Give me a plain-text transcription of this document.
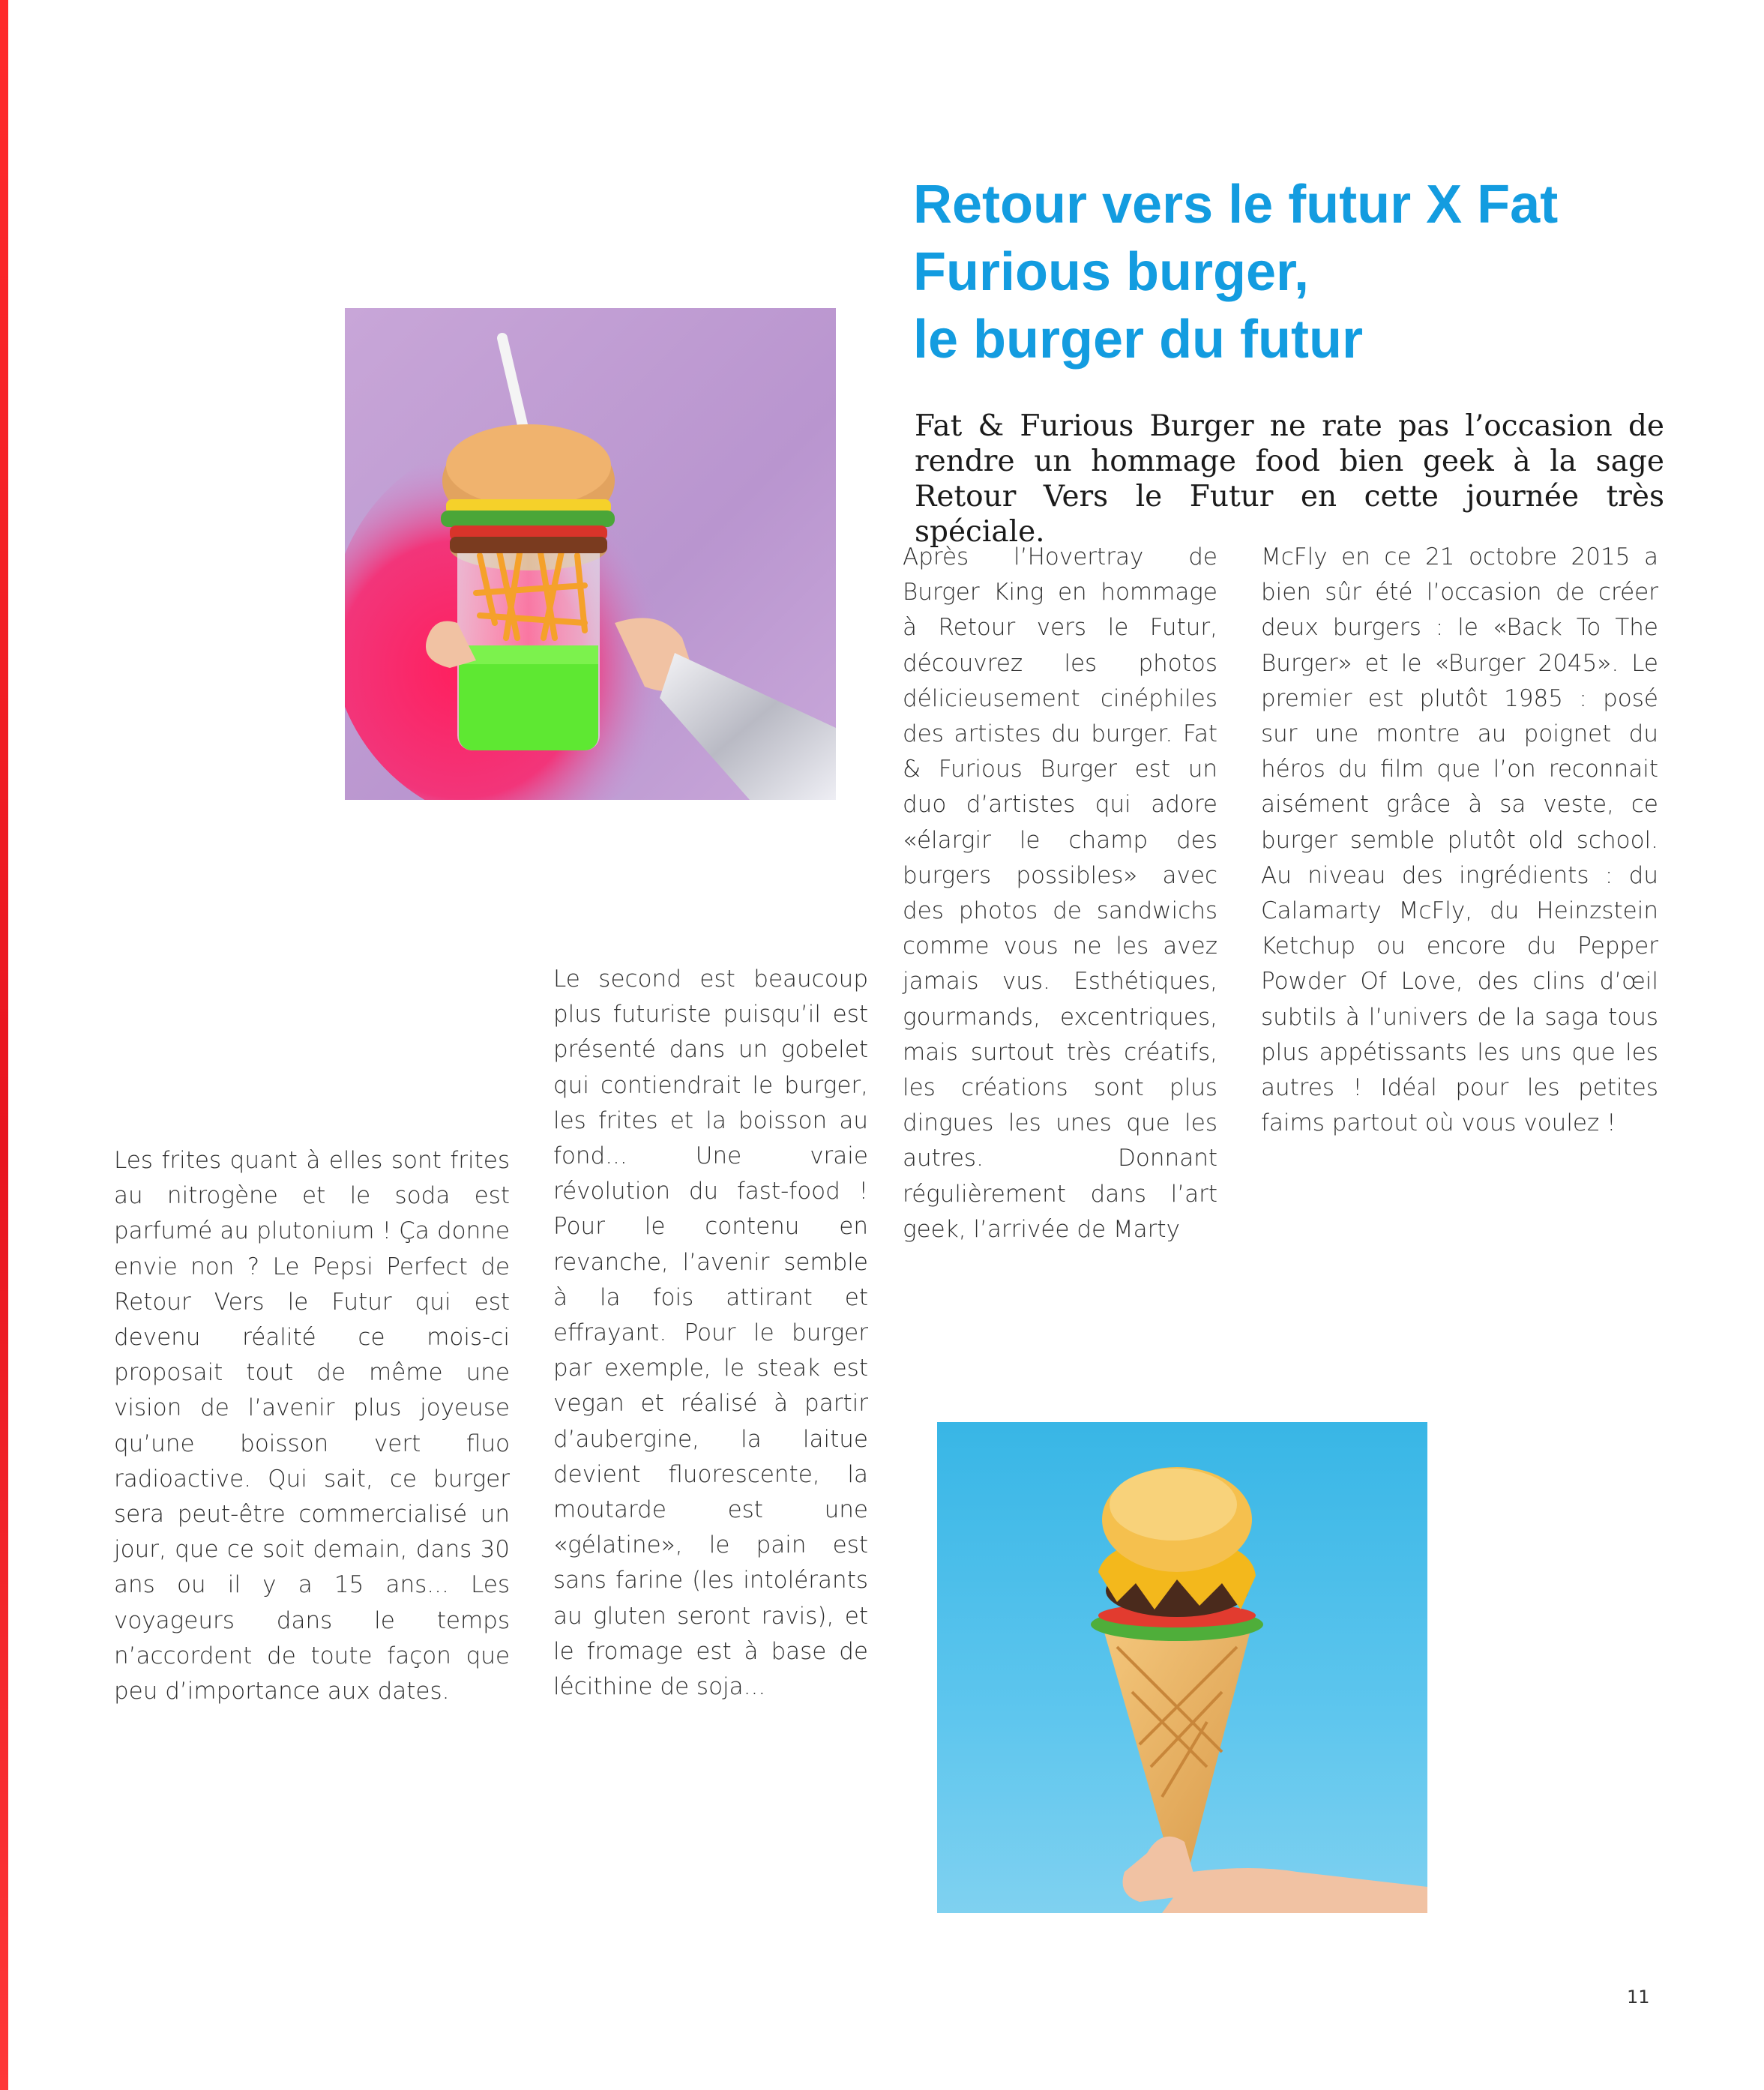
Retour vers le futur X Fat
Furious burger,
le burger du futur

Fat & Furious Burger ne rate pas l’occasion de rendre un hommage food bien geek à la sage Retour Vers le Futur en cette journée très spéciale.

Les frites quant à elles sont frites au nitrogène et le soda est parfumé au plutonium ! Ça donne envie non ? Le Pepsi Perfect de Retour Vers le Futur qui est devenu réalité ce mois-ci proposait tout de même une vision de l’avenir plus joyeuse qu’une boisson vert fluo radioactive. Qui sait, ce burger sera peut-être commercialisé un jour, que ce soit demain, dans 30 ans ou il y a 15 ans... Les voyageurs dans le temps n’accordent de toute façon que peu d’importance aux dates.

Le second est beaucoup plus futuriste puisqu’il est présenté dans un gobelet qui contiendrait le burger, les frites et la boisson au fond... Une vraie révolution du fast-food ! Pour le contenu en revanche, l’avenir semble à la fois attirant et effrayant. Pour le burger par exemple, le steak est vegan et réalisé à partir d’aubergine, la laitue devient fluorescente, la moutarde est une «gélatine», le pain est sans farine (les intolérants au gluten seront ravis), et le fromage est à base de lécithine de soja...

Après l’Hovertray de Burger King en hommage à Retour vers le Futur, découvrez les photos délicieusement cinéphiles des artistes du burger. Fat & Furious Burger est un duo d’artistes qui adore «élargir le champ des burgers possibles» avec des photos de sandwichs comme vous ne les avez jamais vus. Esthétiques, gourmands, excentriques, mais surtout très créatifs, les créations sont plus dingues les unes que les autres. Donnant régulièrement dans l’art geek, l’arrivée de Marty

McFly en ce 21 octobre 2015 a bien sûr été l’occasion de créer deux burgers : le «Back To The Burger» et le «Burger 2045». Le premier est plutôt 1985 : posé sur une montre au poignet du héros du film que l’on reconnait aisément grâce à sa veste, ce burger semble plutôt old school. Au niveau des ingrédients : du Calamarty McFly, du Heinzstein Ketchup ou encore du Pepper Powder Of Love, des clins d’œil subtils à l’univers de la saga tous plus appétissants les uns que les autres ! Idéal pour les petites faims partout où vous voulez !

11
